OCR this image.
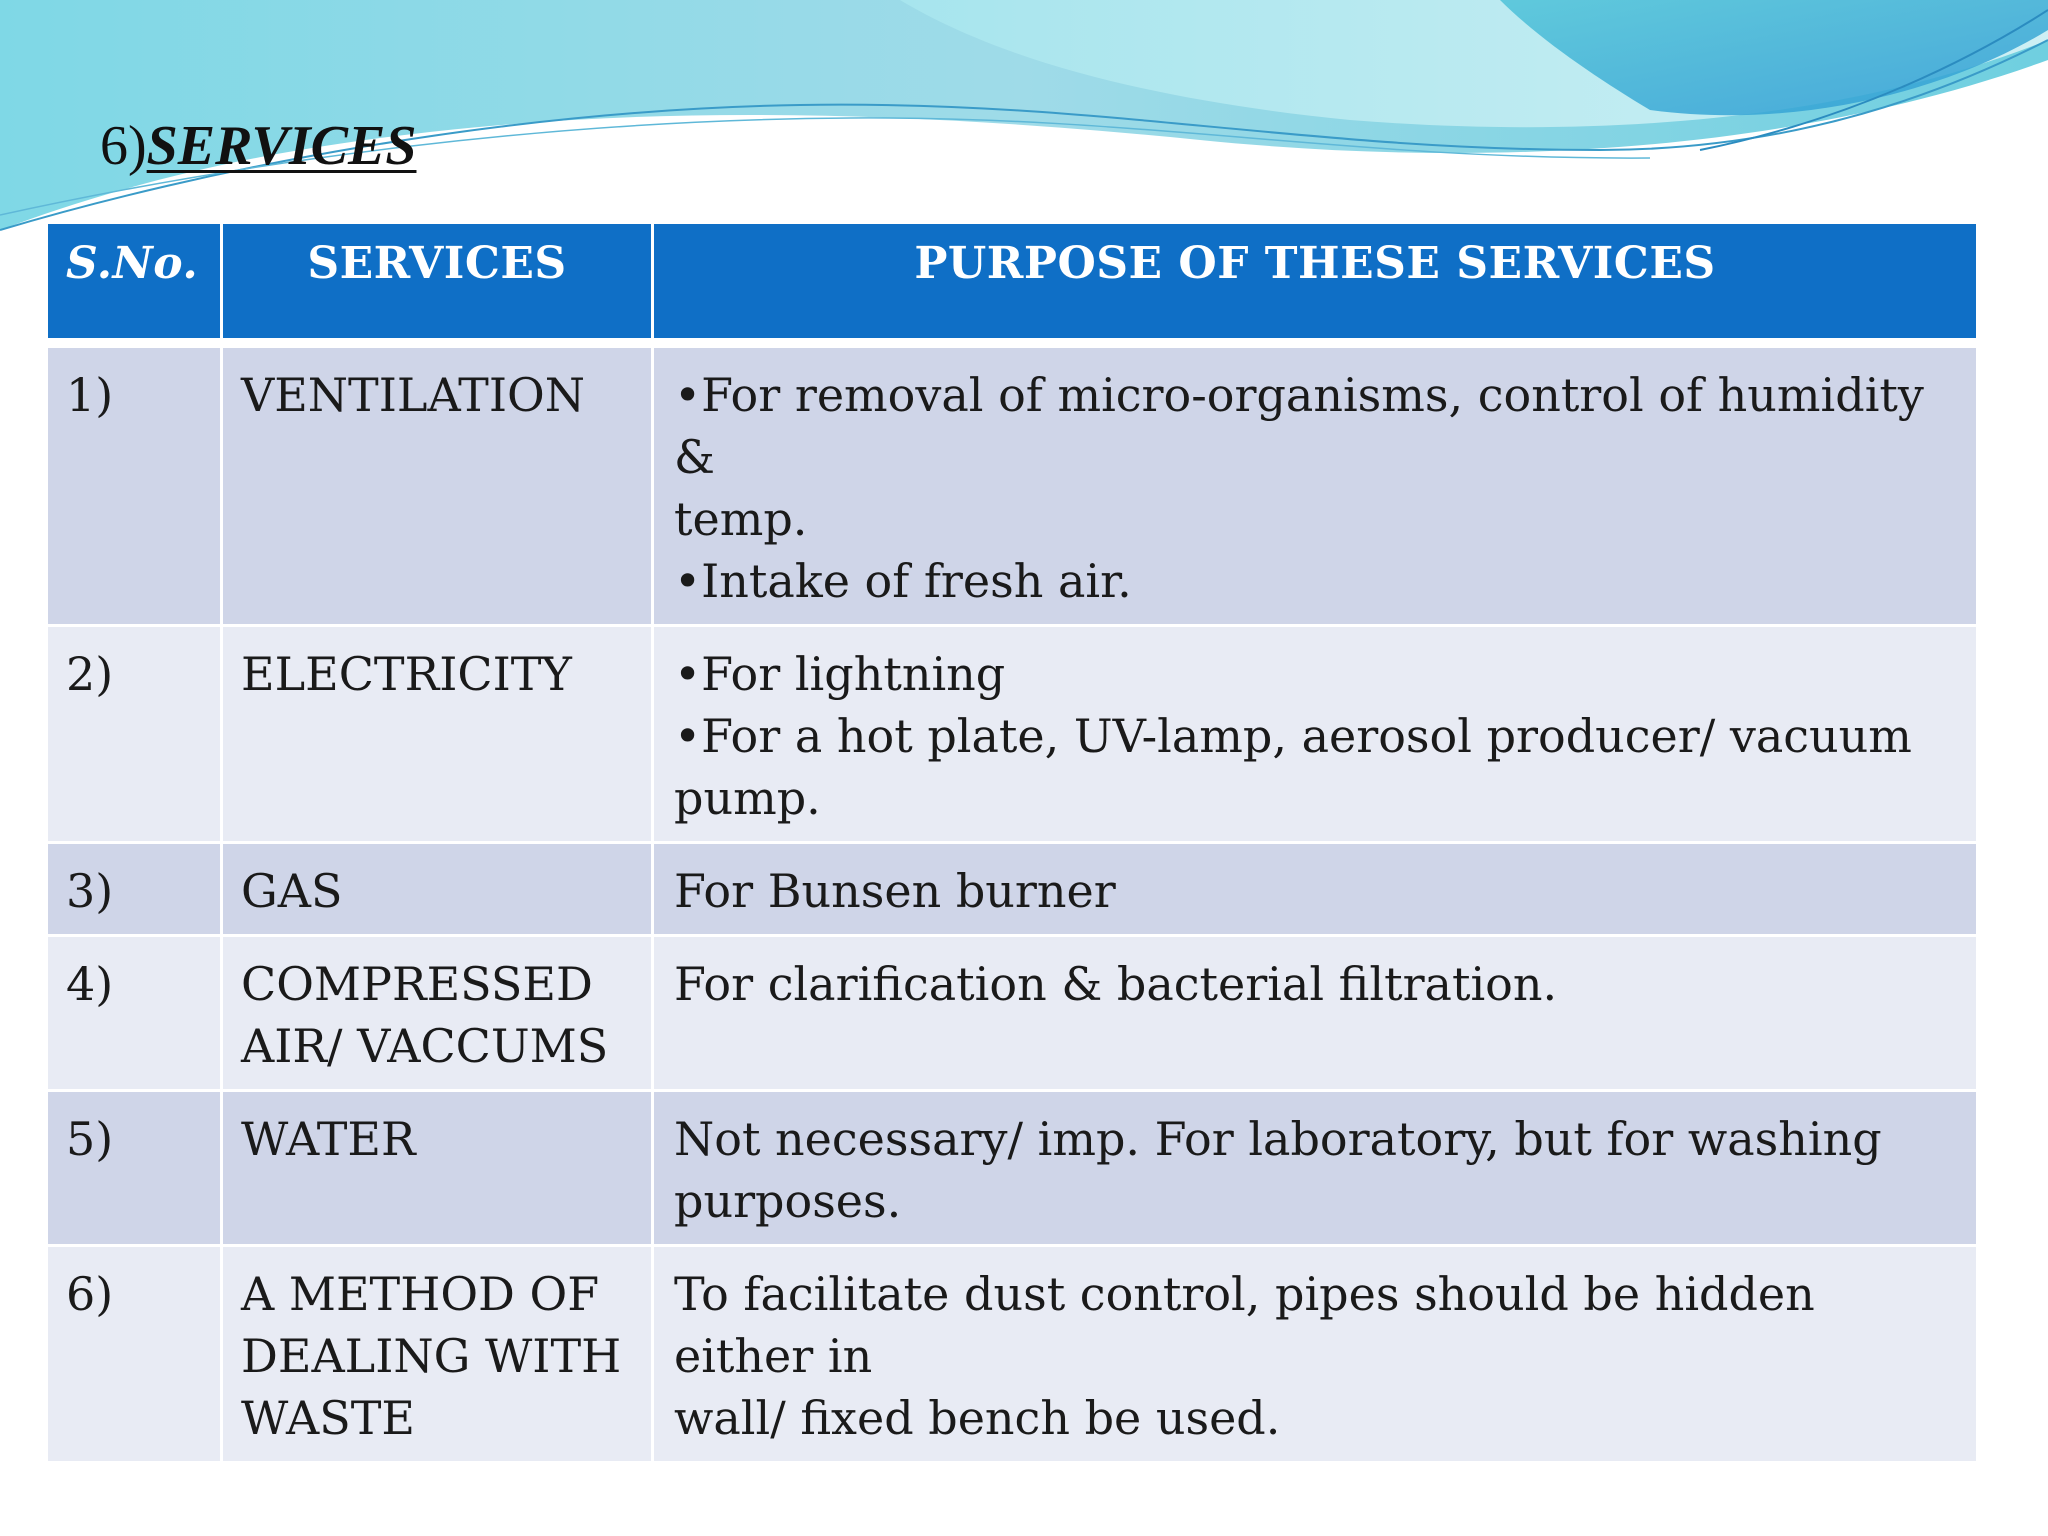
6)SERVICES
S.No.	SERVICES	PURPOSE OF THESE SERVICES

1)	VENTILATION	•For removal of micro-organisms, control of humidity &
temp.
•Intake of fresh air.

2)	ELECTRICITY	•For lightning
•For a hot plate, UV-lamp, aerosol producer/ vacuum
pump.

3)	GAS	For Bunsen burner

4)	COMPRESSED
AIR/ VACCUMS	For clarification & bacterial filtration.

5)	WATER	Not necessary/ imp. For laboratory, but for washing
purposes.

6)	A METHOD OF
DEALING WITH
WASTE	To facilitate dust control, pipes should be hidden either in
wall/ fixed bench be used.
